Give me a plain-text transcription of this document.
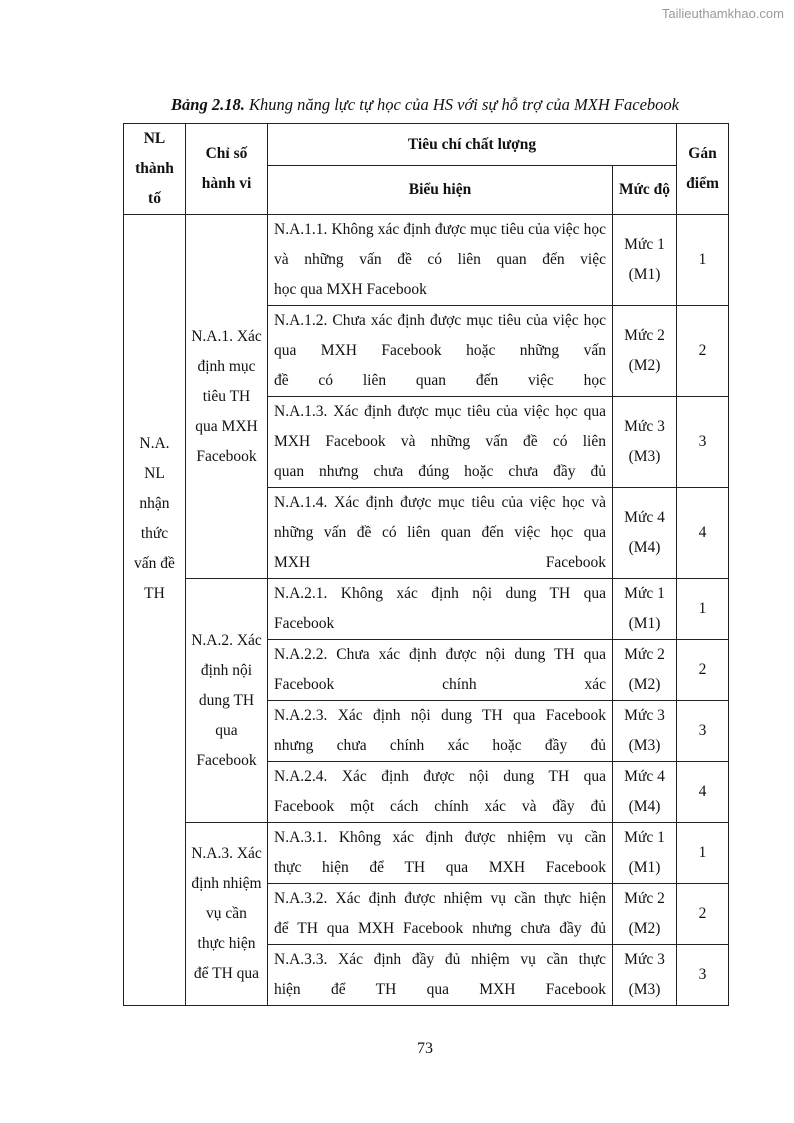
Tailieuthamkhao.com
Bảng 2.18. Khung năng lực tự học của HS với sự hỗ trợ của MXH Facebook
NL thành tố	Chỉ số hành vi	Tiêu chí chất lượng		Gán điểm
		Biểu hiện	Mức độ	
N.A. NL nhận thức vấn đề TH	N.A.1. Xác định mục tiêu TH qua MXH Facebook	N.A.1.1. Không xác định được mục tiêu của việc học và những vấn đề có liên quan đến việc
học qua MXH Facebook	Mức 1 (M1)	1
		N.A.1.2. Chưa xác định được mục tiêu của việc học qua MXH Facebook hoặc những vấn
đề có liên quan đến việc học	Mức 2 (M2)	2
		N.A.1.3. Xác định được mục tiêu của việc học qua MXH Facebook và những vấn đề có liên
quan nhưng chưa đúng hoặc chưa đầy đủ	Mức 3 (M3)	3
		N.A.1.4. Xác định được mục tiêu của việc học và những vấn đề có liên quan đến việc học qua
MXH Facebook	Mức 4 (M4)	4
	N.A.2. Xác định nội dung TH qua Facebook	N.A.2.1. Không xác định nội dung TH qua
Facebook	Mức 1 (M1)	1
		N.A.2.2. Chưa xác định được nội dung TH qua
Facebook chính xác	Mức 2 (M2)	2
		N.A.2.3. Xác định nội dung TH qua Facebook
nhưng chưa chính xác hoặc đầy đủ	Mức 3 (M3)	3
		N.A.2.4. Xác định được nội dung TH qua
Facebook một cách chính xác và đầy đủ	Mức 4 (M4)	4
	N.A.3. Xác định nhiệm vụ cần thực hiện để TH qua	N.A.3.1. Không xác định được nhiệm vụ cần
thực hiện để TH qua MXH Facebook	Mức 1 (M1)	1
		N.A.3.2. Xác định được nhiệm vụ cần thực hiện
để TH qua MXH Facebook nhưng chưa đầy đủ	Mức 2 (M2)	2
		N.A.3.3. Xác định đầy đủ nhiệm vụ cần thực
hiện để TH qua MXH Facebook	Mức 3 (M3)	3
73
